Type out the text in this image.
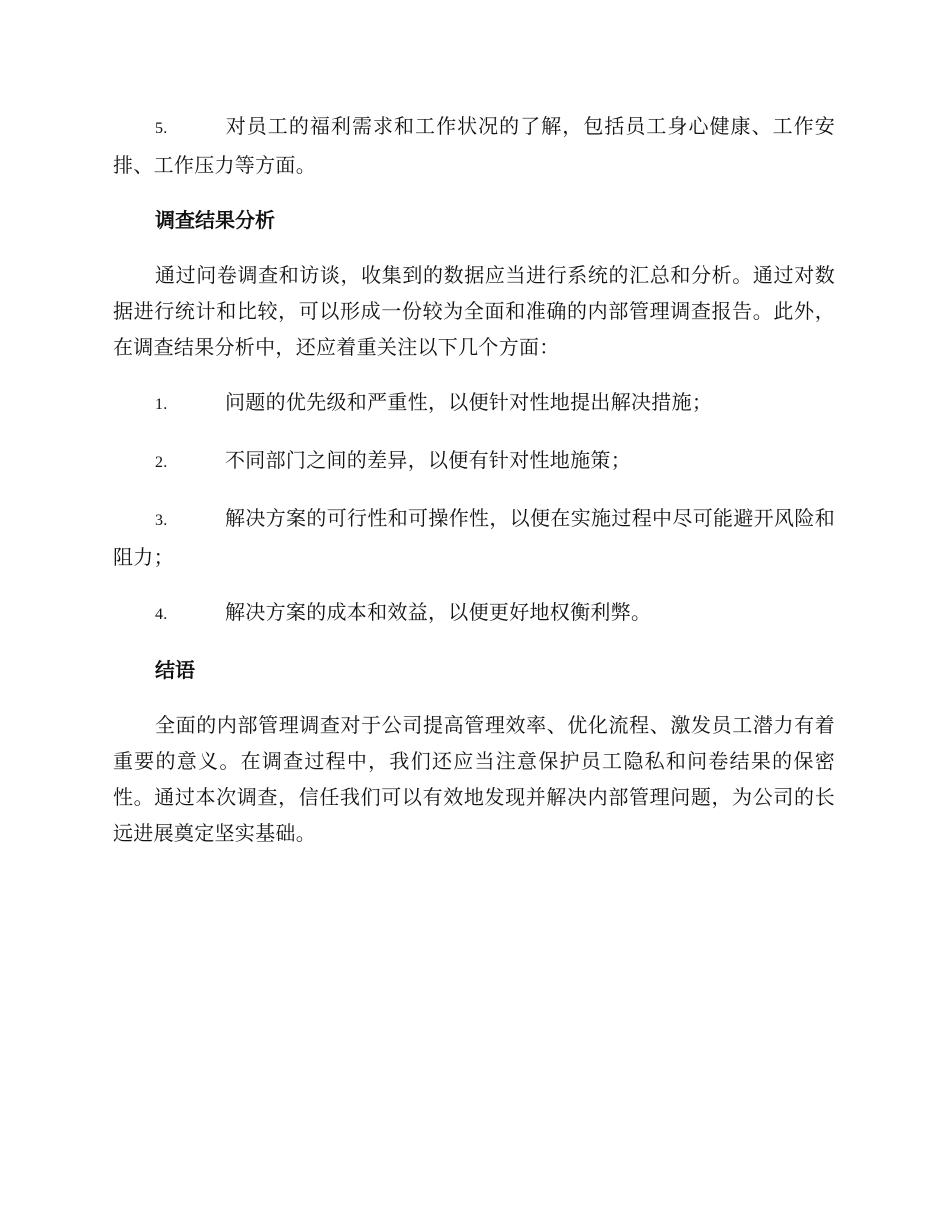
5.	对员工的福利需求和工作状况的了解，包括员工身心健康、工作安排、工作压力等方面。

调查结果分析

通过问卷调查和访谈，收集到的数据应当进行系统的汇总和分析。通过对数据进行统计和比较，可以形成一份较为全面和准确的内部管理调查报告。此外，在调查结果分析中，还应着重关注以下几个方面：

1.	问题的优先级和严重性，以便针对性地提出解决措施；

2.	不同部门之间的差异，以便有针对性地施策；

3.	解决方案的可行性和可操作性，以便在实施过程中尽可能避开风险和阻力；

4.	解决方案的成本和效益，以便更好地权衡利弊。

结语

全面的内部管理调查对于公司提高管理效率、优化流程、激发员工潜力有着重要的意义。在调查过程中，我们还应当注意保护员工隐私和问卷结果的保密性。通过本次调查，信任我们可以有效地发现并解决内部管理问题，为公司的长远进展奠定坚实基础。
